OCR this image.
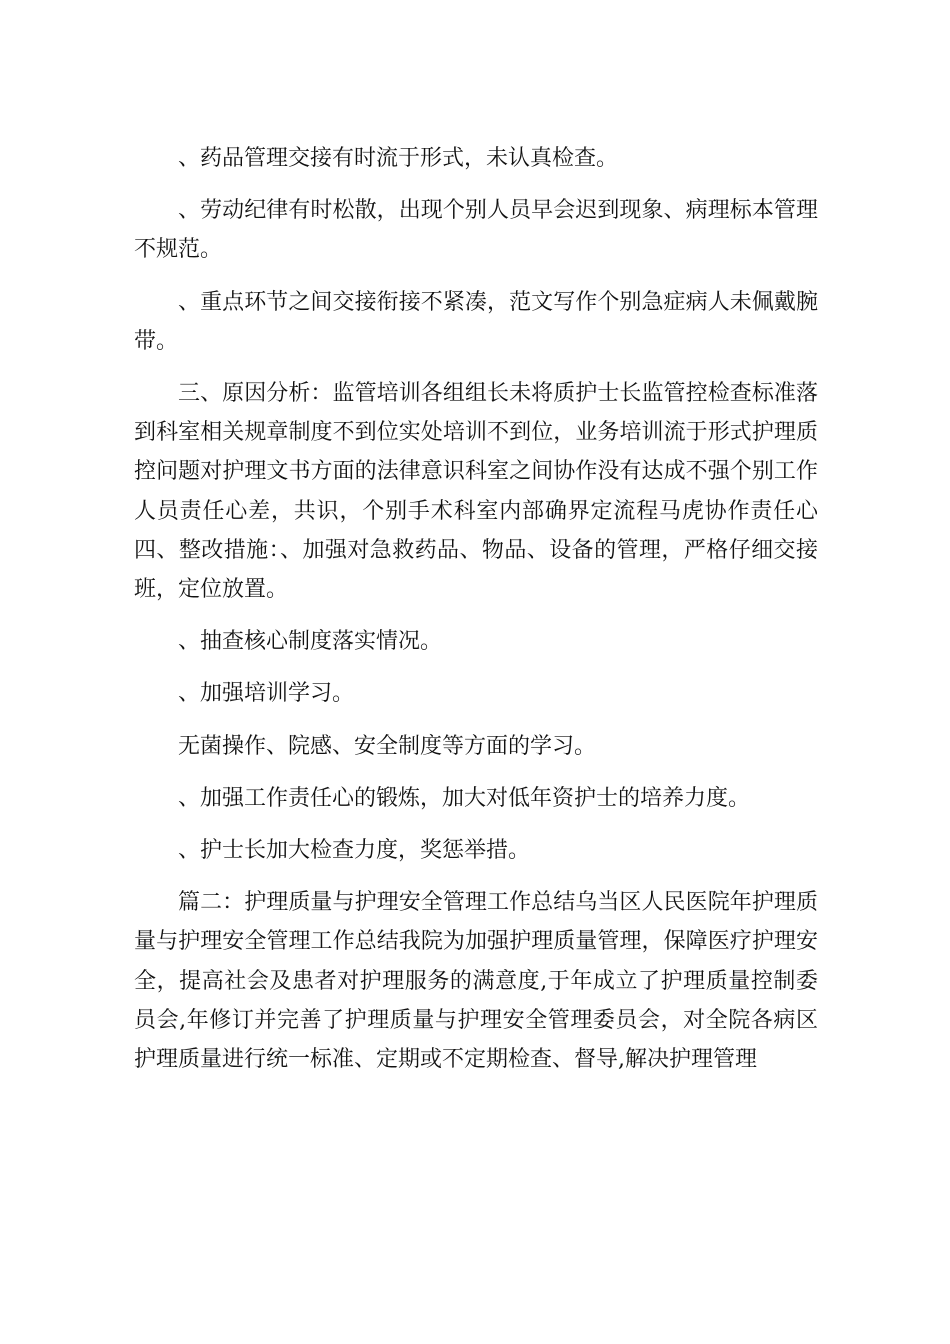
、药品管理交接有时流于形式，未认真检查。

、劳动纪律有时松散，出现个别人员早会迟到现象、病理标本管理不规范。

、重点环节之间交接衔接不紧凑，范文写作个别急症病人未佩戴腕带。

三、原因分析：监管培训各组组长未将质护士长监管控检查标准落到科室相关规章制度不到位实处培训不到位，业务培训流于形式护理质控问题对护理文书方面的法律意识科室之间协作没有达成不强个别工作人员责任心差，共识，个别手术科室内部确界定流程马虎协作责任心四、整改措施：、加强对急救药品、物品、设备的管理，严格仔细交接班，定位放置。

、抽查核心制度落实情况。

、加强培训学习。

无菌操作、院感、安全制度等方面的学习。

、加强工作责任心的锻炼，加大对低年资护士的培养力度。

、护士长加大检查力度，奖惩举措。

篇二：护理质量与护理安全管理工作总结乌当区人民医院年护理质量与护理安全管理工作总结我院为加强护理质量管理，保障医疗护理安全，提高社会及患者对护理服务的满意度,于年成立了护理质量控制委员会,年修订并完善了护理质量与护理安全管理委员会，对全院各病区护理质量进行统一标准、定期或不定期检查、督导,解决护理管理
